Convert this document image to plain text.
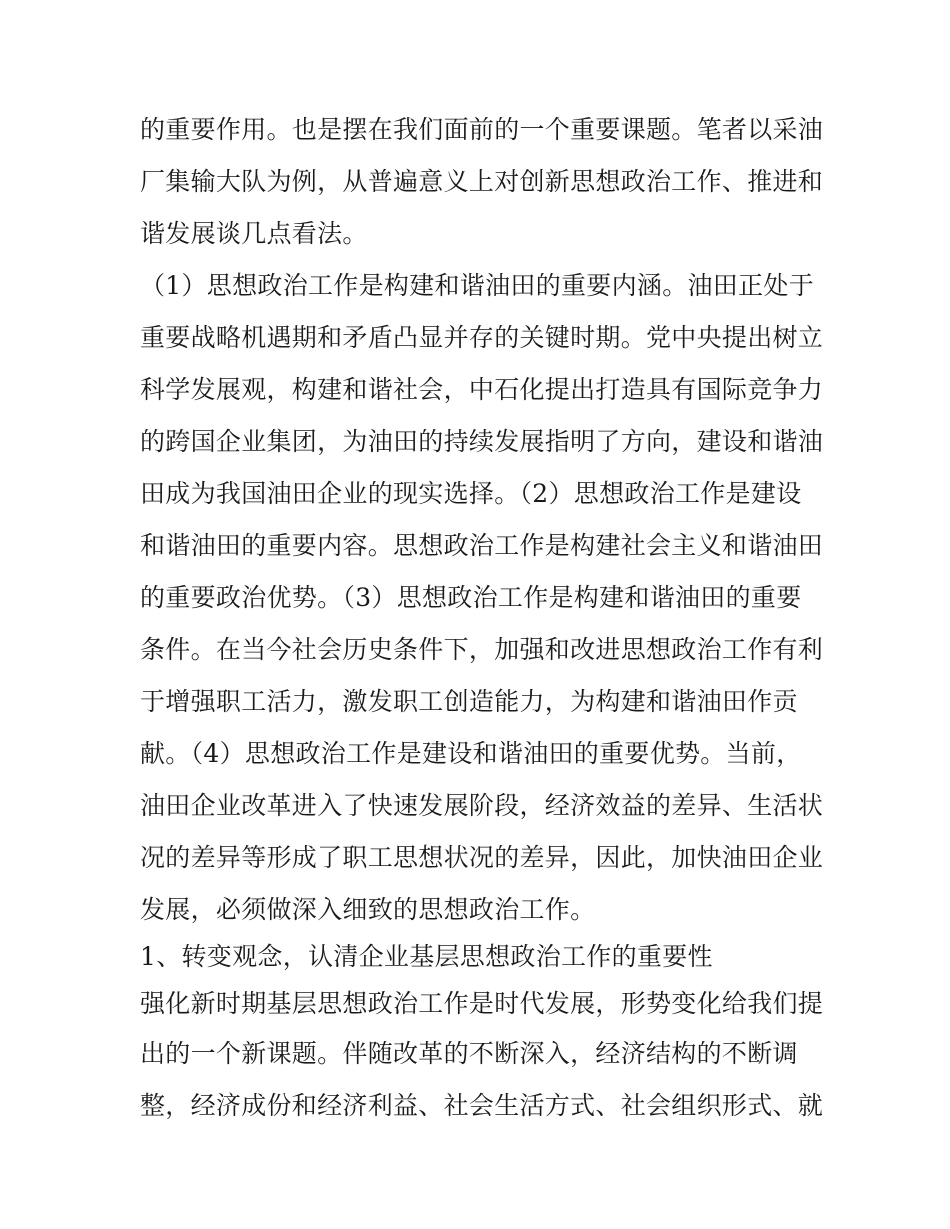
的重要作用。也是摆在我们面前的一个重要课题。笔者以采油
厂集输大队为例，从普遍意义上对创新思想政治工作、推进和
谐发展谈几点看法。
（1）思想政治工作是构建和谐油田的重要内涵。油田正处于
重要战略机遇期和矛盾凸显并存的关键时期。党中央提出树立
科学发展观，构建和谐社会，中石化提出打造具有国际竞争力
的跨国企业集团，为油田的持续发展指明了方向，建设和谐油
田成为我国油田企业的现实选择。（2）思想政治工作是建设
和谐油田的重要内容。思想政治工作是构建社会主义和谐油田
的重要政治优势。（3）思想政治工作是构建和谐油田的重要
条件。在当今社会历史条件下，加强和改进思想政治工作有利
于增强职工活力，激发职工创造能力，为构建和谐油田作贡
献。（4）思想政治工作是建设和谐油田的重要优势。当前，
油田企业改革进入了快速发展阶段，经济效益的差异、生活状
况的差异等形成了职工思想状况的差异，因此，加快油田企业
发展，必须做深入细致的思想政治工作。
1、转变观念，认清企业基层思想政治工作的重要性
强化新时期基层思想政治工作是时代发展，形势变化给我们提
出的一个新课题。伴随改革的不断深入，经济结构的不断调
整，经济成份和经济利益、社会生活方式、社会组织形式、就
